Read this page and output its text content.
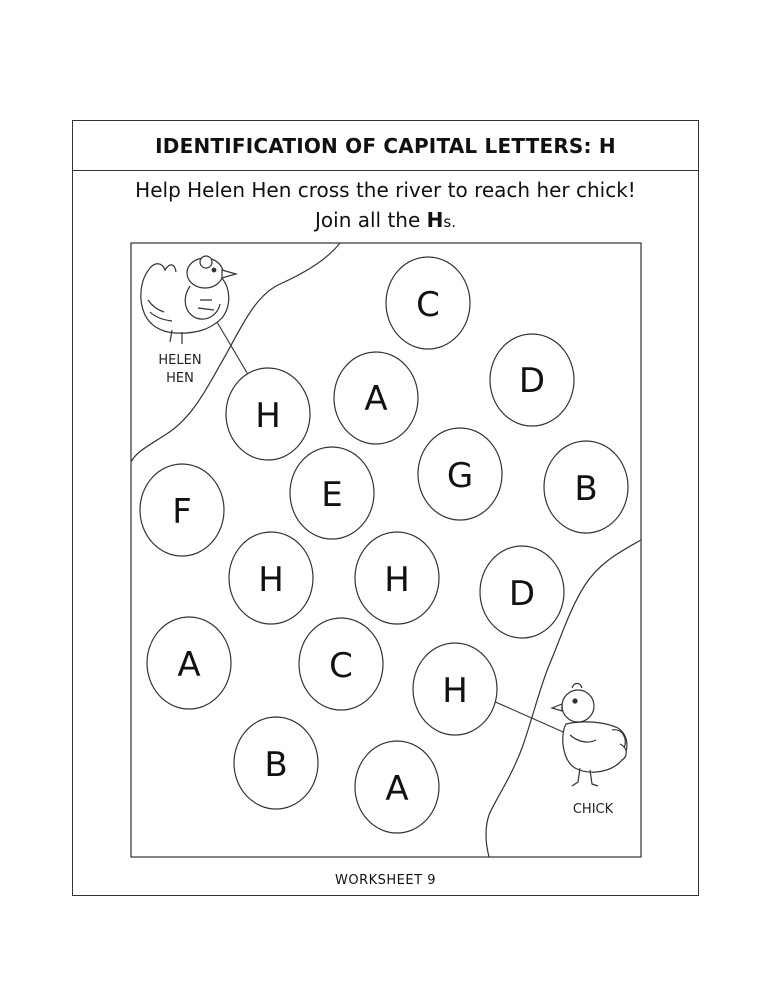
IDENTIFICATION OF CAPITAL LETTERS: H
Help Helen Hen cross the river to reach her chick!
Join all the Hs.
WORKSHEET 9
HELEN
HEN
CHICK
C
D
A
H
G	B
E
F
H	H	D
A	C
H
B
A
